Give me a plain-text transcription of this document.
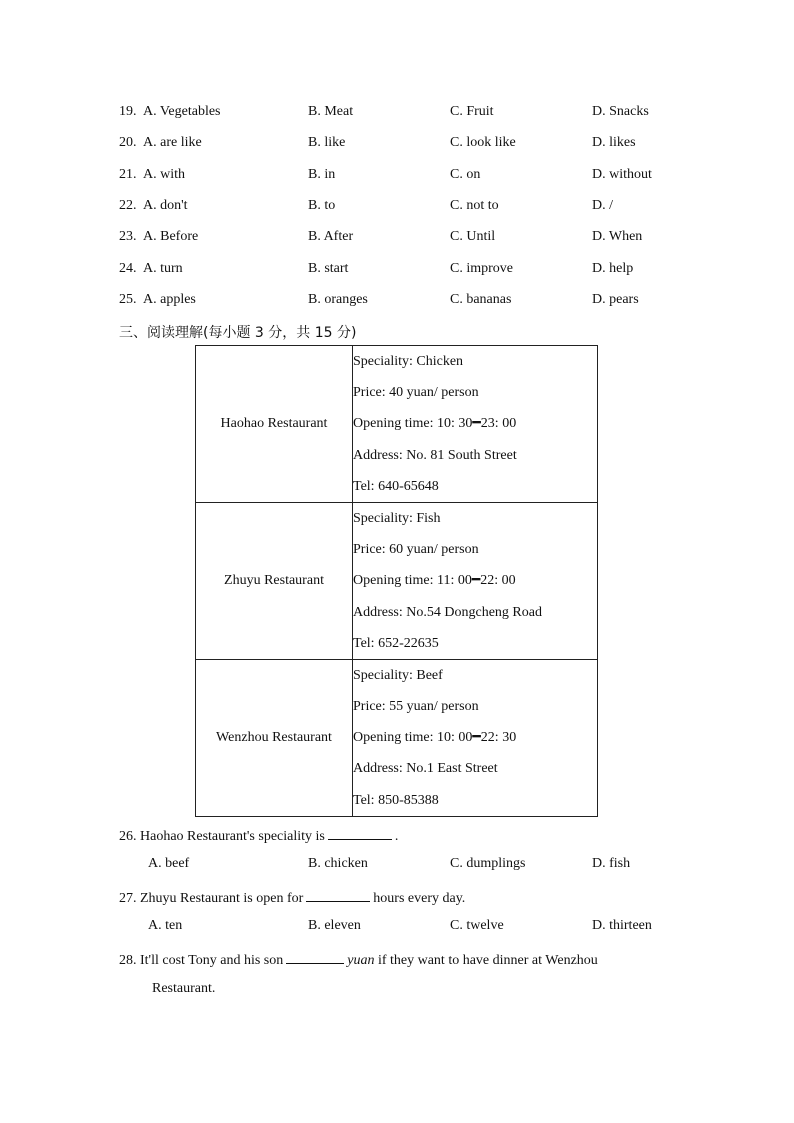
19. A. Vegetables	B. Meat	C. Fruit	D. Snacks
20. A. are like	B. like	C. look like	D. likes
21. A. with	B. in	C. on	D. without
22. A. don't	B. to	C. not to	D. /
23. A. Before	B. After	C. Until	D. When
24. A. turn	B. start	C. improve	D. help
25. A. apples	B. oranges	C. bananas	D. pears
三、阅读理解(每小题 3 分，共 15 分)
Haohao Restaurant	Speciality: Chicken
Price: 40 yuan/ person
Opening time: 10: 30━23: 00
Address: No. 81 South Street
Tel: 640-65648

Zhuyu Restaurant	Speciality: Fish
Price: 60 yuan/ person
Opening time: 11: 00━22: 00
Address: No.54 Dongcheng Road
Tel: 652-22635

Wenzhou Restaurant	Speciality: Beef
Price: 55 yuan/ person
Opening time: 10: 00━22: 30
Address: No.1 East Street
Tel: 850-85388
26. Haohao Restaurant's speciality is	.
A. beef	B. chicken	C. dumplings	D. fish
27. Zhuyu Restaurant is open for	hours every day.
A. ten	B. eleven	C. twelve	D. thirteen
28. It'll cost Tony and his son	yuan if they want to have dinner at Wenzhou
Restaurant.
